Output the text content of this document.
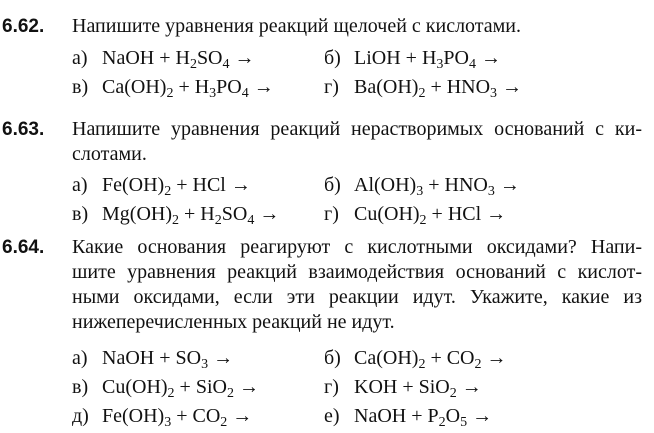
6.62. Напишите уравнения реакций щелочей с кислотами.
а) NaOH + $H_2SO_4$ →	б) LiOH + $H_3PO_4$ →
в) $Ca(OH)_2 + H_3PO_4$ →	г) $Ba(OH)_2 + HNO_3$ →
6.63. Напишите уравнения реакций нерастворимых оснований с ки-
слотами.
а) $Fe(OH)_2$ + HCl →	б) $Al(OH)_3 + HNO_3$ →
в) $Mg(OH)_2 + H_2SO_4 \to г$) $Cu(OH)_2$ + HCl →
6.64. Какие основания реагируют с кислотными оксидами? Напи-
шите уравнения реакций взаимодействия оснований с кислот-
ными оксидами, если эти реакции идут. Укажите, какие из
нижеперечисленных реакций не идут.
а) NaOH + $SO_3$ →	б) $Ca(OH)_2 + CO_2$ →
в) $Cu(OH)_2 + SiO_2$ →	г) KOH + SiO$_2$ →
д) $Fe(OH)_3 + CO_2$ →	е) NaOH + $P_2O_5$ →
